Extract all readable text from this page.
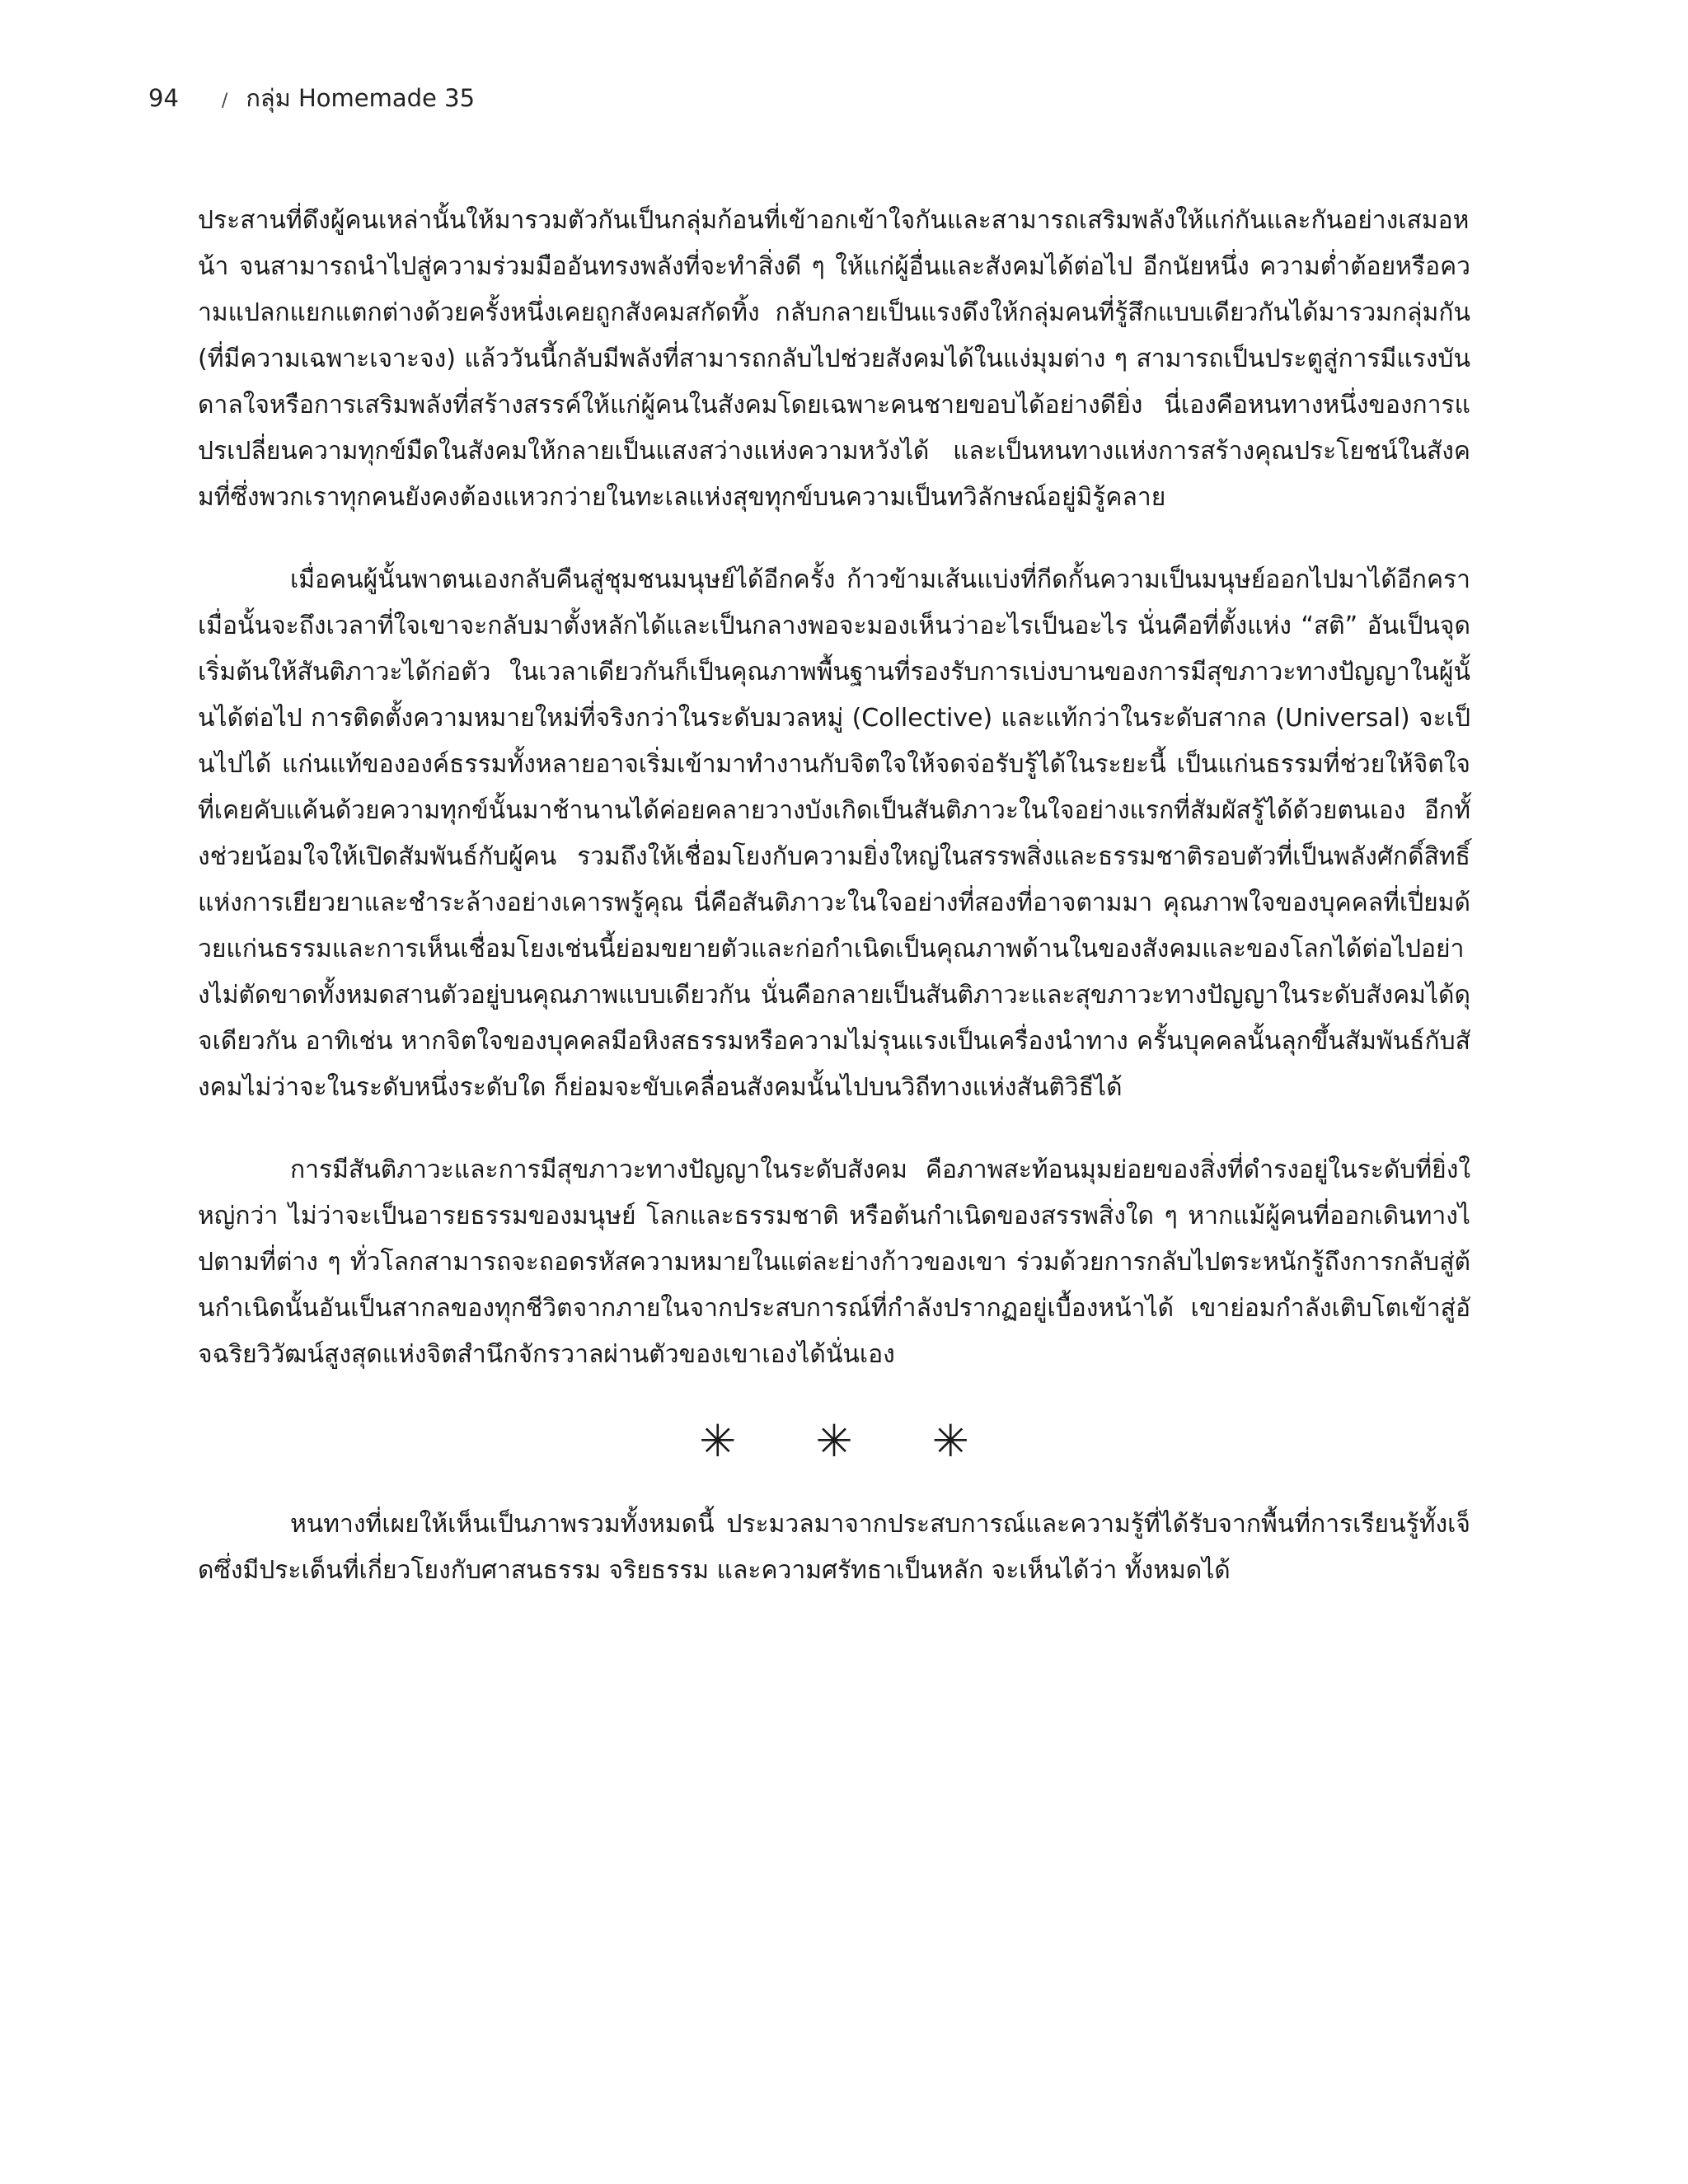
94 / กลุ่ม Homemade 35

ประสานที่ดึงผู้คนเหล่านั้นให้มารวมตัวกันเป็นกลุ่มก้อนที่เข้าอกเข้าใจกันและสามารถเสริมพลังให้แก่กันและกันอย่างเสมอหน้า จนสามารถนำไปสู่ความร่วมมืออันทรงพลังที่จะทำสิ่งดี ๆ ให้แก่ผู้อื่นและสังคมได้ต่อไป อีกนัยหนึ่ง ความต่ำต้อยหรือความแปลกแยกแตกต่างด้วยครั้งหนึ่งเคยถูกสังคมสกัดทิ้ง กลับกลายเป็นแรงดึงให้กลุ่มคนที่รู้สึกแบบเดียวกันได้มารวมกลุ่มกัน (ที่มีความเฉพาะเจาะจง) แล้ววันนี้กลับมีพลังที่สามารถกลับไปช่วยสังคมได้ในแง่มุมต่าง ๆ สามารถเป็นประตูสู่การมีแรงบันดาลใจหรือการเสริมพลังที่สร้างสรรค์ให้แก่ผู้คนในสังคมโดยเฉพาะคนชายขอบได้อย่างดียิ่ง นี่เองคือหนทางหนึ่งของการแปรเปลี่ยนความทุกข์มืดในสังคมให้กลายเป็นแสงสว่างแห่งความหวังได้ และเป็นหนทางแห่งการสร้างคุณประโยชน์ในสังคมที่ซึ่งพวกเราทุกคนยังคงต้องแหวกว่ายในทะเลแห่งสุขทุกข์บนความเป็นทวิลักษณ์อยู่มิรู้คลาย

เมื่อคนผู้นั้นพาตนเองกลับคืนสู่ชุมชนมนุษย์ได้อีกครั้ง ก้าวข้ามเส้นแบ่งที่กีดกั้นความเป็นมนุษย์ออกไปมาได้อีกครา เมื่อนั้นจะถึงเวลาที่ใจเขาจะกลับมาตั้งหลักได้และเป็นกลางพอจะมองเห็นว่าอะไรเป็นอะไร นั่นคือที่ตั้งแห่ง “สติ” อันเป็นจุดเริ่มต้นให้สันติภาวะได้ก่อตัว ในเวลาเดียวกันก็เป็นคุณภาพพื้นฐานที่รองรับการเบ่งบานของการมีสุขภาวะทางปัญญาในผู้นั้นได้ต่อไป การติดตั้งความหมายใหม่ที่จริงกว่าในระดับมวลหมู่ (Collective) และแท้กว่าในระดับสากล (Universal) จะเป็นไปได้ แก่นแท้ขององค์ธรรมทั้งหลายอาจเริ่มเข้ามาทำงานกับจิตใจให้จดจ่อรับรู้ได้ในระยะนี้ เป็นแก่นธรรมที่ช่วยให้จิตใจที่เคยคับแค้นด้วยความทุกข์นั้นมาช้านานได้ค่อยคลายวางบังเกิดเป็นสันติภาวะในใจอย่างแรกที่สัมผัสรู้ได้ด้วยตนเอง อีกทั้งช่วยน้อมใจให้เปิดสัมพันธ์กับผู้คน รวมถึงให้เชื่อมโยงกับความยิ่งใหญ่ในสรรพสิ่งและธรรมชาติรอบตัวที่เป็นพลังศักดิ์สิทธิ์แห่งการเยียวยาและชำระล้างอย่างเคารพรู้คุณ นี่คือสันติภาวะในใจอย่างที่สองที่อาจตามมา คุณภาพใจของบุคคลที่เปี่ยมด้วยแก่นธรรมและการเห็นเชื่อมโยงเช่นนี้ย่อมขยายตัวและก่อกำเนิดเป็นคุณภาพด้านในของสังคมและของโลกได้ต่อไปอย่างไม่ตัดขาดทั้งหมดสานตัวอยู่บนคุณภาพแบบเดียวกัน นั่นคือกลายเป็นสันติภาวะและสุขภาวะทางปัญญาในระดับสังคมได้ดุจเดียวกัน อาทิเช่น หากจิตใจของบุคคลมีอหิงสธรรมหรือความไม่รุนแรงเป็นเครื่องนำทาง ครั้นบุคคลนั้นลุกขึ้นสัมพันธ์กับสังคมไม่ว่าจะในระดับหนึ่งระดับใด ก็ย่อมจะขับเคลื่อนสังคมนั้นไปบนวิถีทางแห่งสันติวิธีได้

การมีสันติภาวะและการมีสุขภาวะทางปัญญาในระดับสังคม คือภาพสะท้อนมุมย่อยของสิ่งที่ดำรงอยู่ในระดับที่ยิ่งใหญ่กว่า ไม่ว่าจะเป็นอารยธรรมของมนุษย์ โลกและธรรมชาติ หรือต้นกำเนิดของสรรพสิ่งใด ๆ หากแม้ผู้คนที่ออกเดินทางไปตามที่ต่าง ๆ ทั่วโลกสามารถจะถอดรหัสความหมายในแต่ละย่างก้าวของเขา ร่วมด้วยการกลับไปตระหนักรู้ถึงการกลับสู่ต้นกำเนิดนั้นอันเป็นสากลของทุกชีวิตจากภายในจากประสบการณ์ที่กำลังปรากฏอยู่เบื้องหน้าได้ เขาย่อมกำลังเติบโตเข้าสู่อัจฉริยวิวัฒน์สูงสุดแห่งจิตสำนึกจักรวาลผ่านตัวของเขาเองได้นั่นเอง

✳ ✳ ✳

หนทางที่เผยให้เห็นเป็นภาพรวมทั้งหมดนี้ ประมวลมาจากประสบการณ์และความรู้ที่ได้รับจากพื้นที่การเรียนรู้ทั้งเจ็ดซึ่งมีประเด็นที่เกี่ยวโยงกับศาสนธรรม จริยธรรม และความศรัทธาเป็นหลัก จะเห็นได้ว่า ทั้งหมดได้
